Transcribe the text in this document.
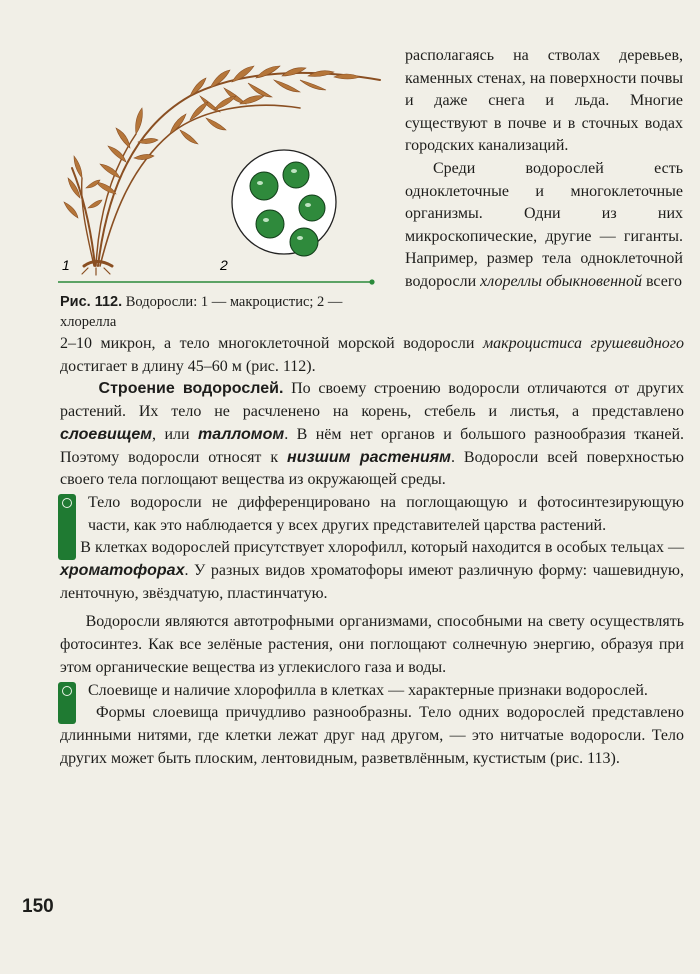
1	2
Рис. 112. Водоросли: 1 — макроцистис; 2 — хлорелла

располагаясь на стволах деревьев, каменных стенах, на поверхности почвы и даже снега и льда. Многие существуют в почве и в сточных водах городских канализаций.

Среди водорослей есть одноклеточные и многоклеточные организмы. Одни из них микроскопические, другие — гиганты. Например, размер тела одноклеточной водоросли хлореллы обыкновенной всего

2–10 микрон, а тело многоклеточной морской водоросли макроцистиса грушевидного достигает в длину 45–60 м (рис. 112).

Строение водорослей. По своему строению водоросли отличаются от других растений. Их тело не расчленено на корень, стебель и листья, а представлено слоевищем, или талломом. В нём нет органов и большого разнообразия тканей. Поэтому водоросли относят к низшим растениям. Водоросли всей поверхностью своего тела поглощают вещества из окружающей среды.

Тело водоросли не дифференцировано на поглощающую и фотосинтезирующую части, как это наблюдается у всех других представителей царства растений.

В клетках водорослей присутствует хлорофилл, который находится в особых тельцах — хроматофорах. У разных видов хроматофоры имеют различную форму: чашевидную, ленточную, звёздчатую, пластинчатую.

Водоросли являются автотрофными организмами, способными на свету осуществлять фотосинтез. Как все зелёные растения, они поглощают солнечную энергию, образуя при этом органические вещества из углекислого газа и воды.

Слоевище и наличие хлорофилла в клетках — характерные признаки водорослей.

Формы слоевища причудливо разнообразны. Тело одних водорослей представлено длинными нитями, где клетки лежат друг над другом, — это нитчатые водоросли. Тело других может быть плоским, лентовидным, разветвлённым, кустистым (рис. 113).

150
